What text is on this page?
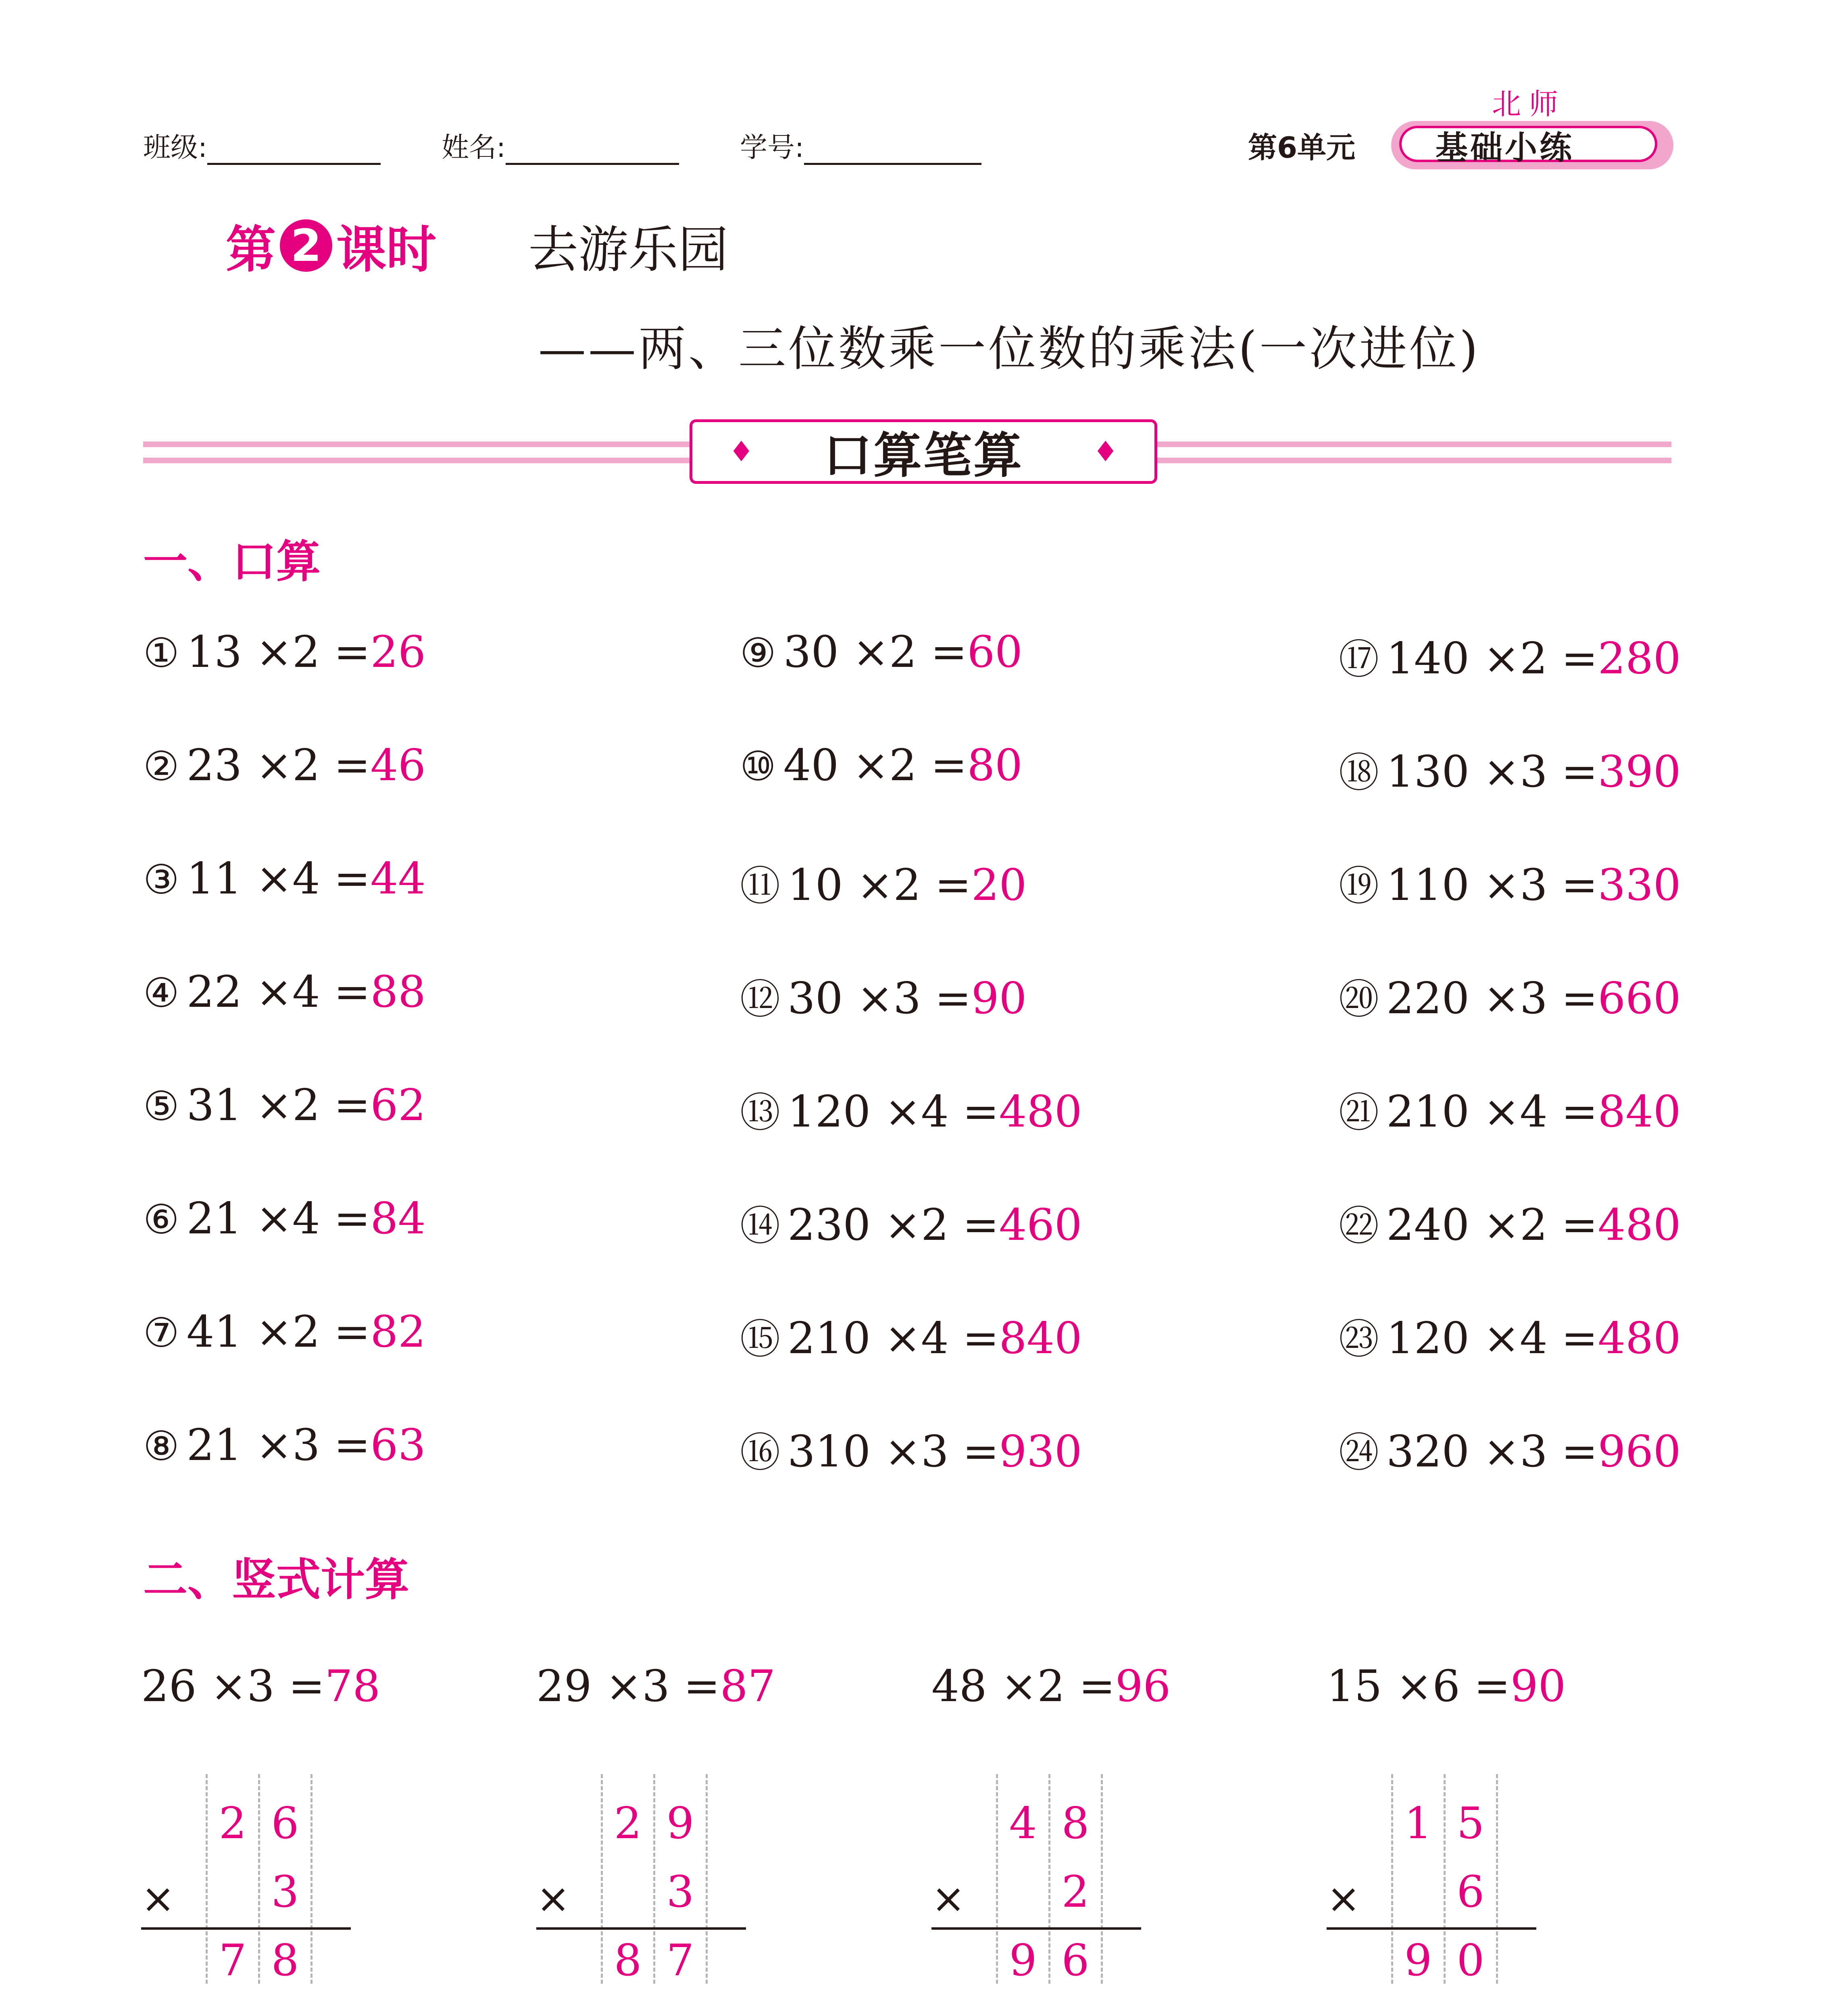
班级:	姓名:	学号:	第6单元
北师
基础小练
第 2 课时 去游乐园
——两、三位数乘一位数的乘法(一次进位)
♦ 口算笔算 ♦
一、口算
① 13 ×2 =26
② 23 ×2 =46
③ 11 ×4 =44
④ 22 ×4 =88
⑤ 31 ×2 =62
⑥ 21 ×4 =84
⑦ 41 ×2 =82
⑧ 21 ×3 =63
⑨ 30 ×2 =60
⑩ 40 ×2 =80
⑪ 10 ×2 =20
⑫ 30 ×3 =90
⑬ 120 ×4 =480
⑭ 230 ×2 =460
⑮ 210 ×4 =840
⑯ 310 ×3 =930
⑰ 140 ×2 =280
⑱ 130 ×3 =390
⑲ 110 ×3 =330
⑳ 220 ×3 =660
㉑ 210 ×4 =840
㉒ 240 ×2 =480
㉓ 120 ×4 =480
㉔ 320 ×3 =960
二、竖式计算
26 ×3 =78
×
2 6
3
7 8
29 ×3 =87
×
2 9
3
8 7
48 ×2 =96
×
4 8
2
9 6
15 ×6 =90
×
1 5
6
9 0
